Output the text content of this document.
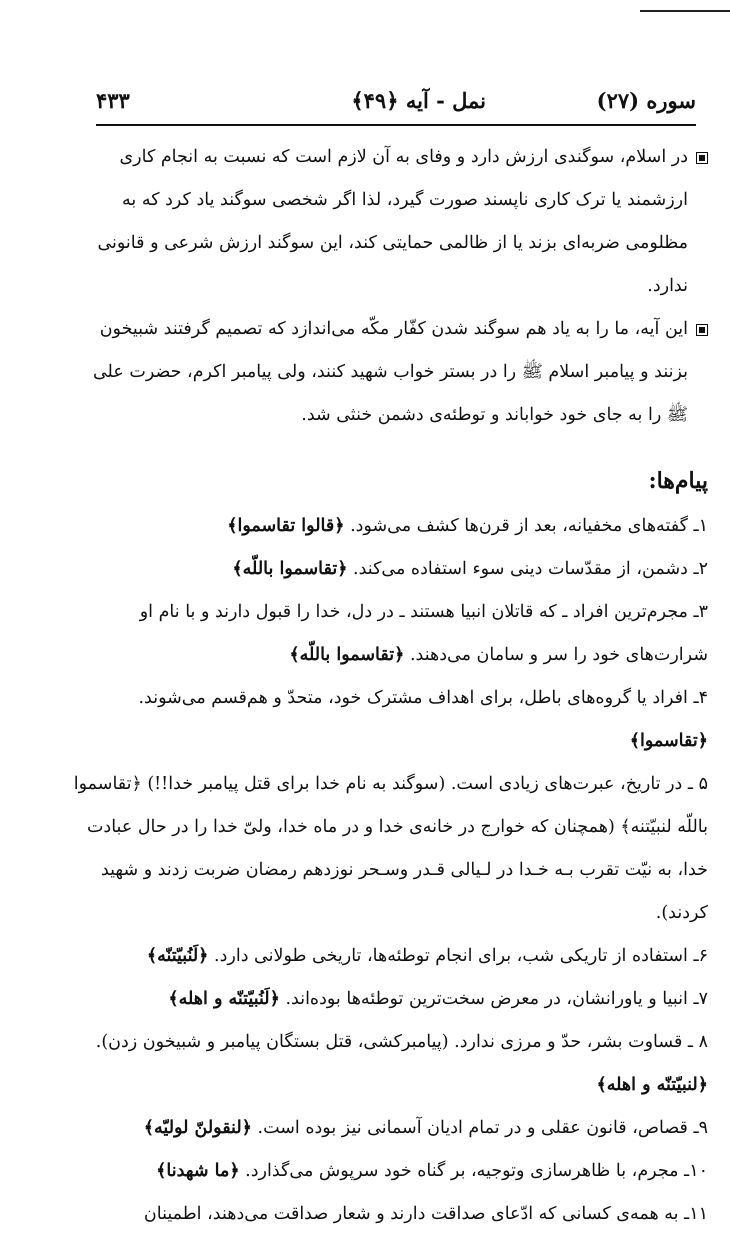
سوره (۲۷)
نمل - آیه ﴿۴۹﴾
۴۳۳

در اسلام، سوگندی ارزش دارد و وفای به آن لازم است که نسبت به انجام کاری ارزشمند یا ترک کاری ناپسند صورت گیرد، لذا اگر شخصی سوگند یاد کرد که به مظلومی ضربه‌ای بزند یا از ظالمی حمایتی کند، این سوگند ارزش شرعی و قانونی ندارد.

این آیه، ما را به یاد هم سوگند شدن کفّار مکّه می‌اندازد که تصمیم گرفتند شبیخون بزنند و پیامبر اسلام ﷺ را در بستر خواب شهید کنند، ولی پیامبر اکرم، حضرت علی ﷺ را به جای خود خواباند و توطئه‌ی دشمن خنثی شد.

پیام‌ها:
۱ـ گفته‌های مخفیانه، بعد از قرن‌ها کشف می‌شود. ﴿قالوا تقاسموا﴾
۲ـ دشمن، از مقدّسات دینی سوء استفاده می‌کند. ﴿تقاسموا باللّه﴾
۳ـ مجرم‌ترین افراد ـ که قاتلان انبیا هستند ـ در دل، خدا را قبول دارند و با نام او شرارت‌های خود را سر و سامان می‌دهند. ﴿تقاسموا باللّه﴾
۴ـ افراد یا گروه‌های باطل، برای اهداف مشترک خود، متحدّ و هم‌قسم می‌شوند. ﴿تقاسموا﴾
۵ ـ در تاریخ، عبرت‌های زیادی است. (سوگند به نام خدا برای قتل پیامبر خدا!!) ﴿تقاسموا باللّه لنبیّتنه﴾ (همچنان که خوارج در خانه‌ی خدا و در ماه خدا، ولیّ خدا را در حال عبادت خدا، به نیّت تقرب بـه خـدا در لـیالی قـدر وسـحر نوزدهم رمضان ضربت زدند و شهید کردند).
۶ـ استفاده از تاریکی شب، برای انجام توطئه‌ها، تاریخی طولانی دارد. ﴿لَنُبیّتنّه﴾
۷ـ انبیا و یاورانشان، در معرض سخت‌ترین توطئه‌ها بوده‌اند. ﴿لَنُبیّتنّه و اهله﴾
۸ ـ قساوت بشر، حدّ و مرزی ندارد. (پیامبرکشی، قتل بستگان پیامبر و شبیخون زدن). ﴿لنبیّتنّه و اهله﴾
۹ـ قصاص، قانون عقلی و در تمام ادیان آسمانی نیز بوده است. ﴿لنقولنّ لولیّه﴾
۱۰ـ مجرم، با ظاهرسازی وتوجیه، بر گناه خود سرپوش می‌گذارد. ﴿ما شهدنا﴾
۱۱ـ به همه‌ی کسانی که ادّعای صداقت دارند و شعار صداقت می‌دهند، اطمینان
